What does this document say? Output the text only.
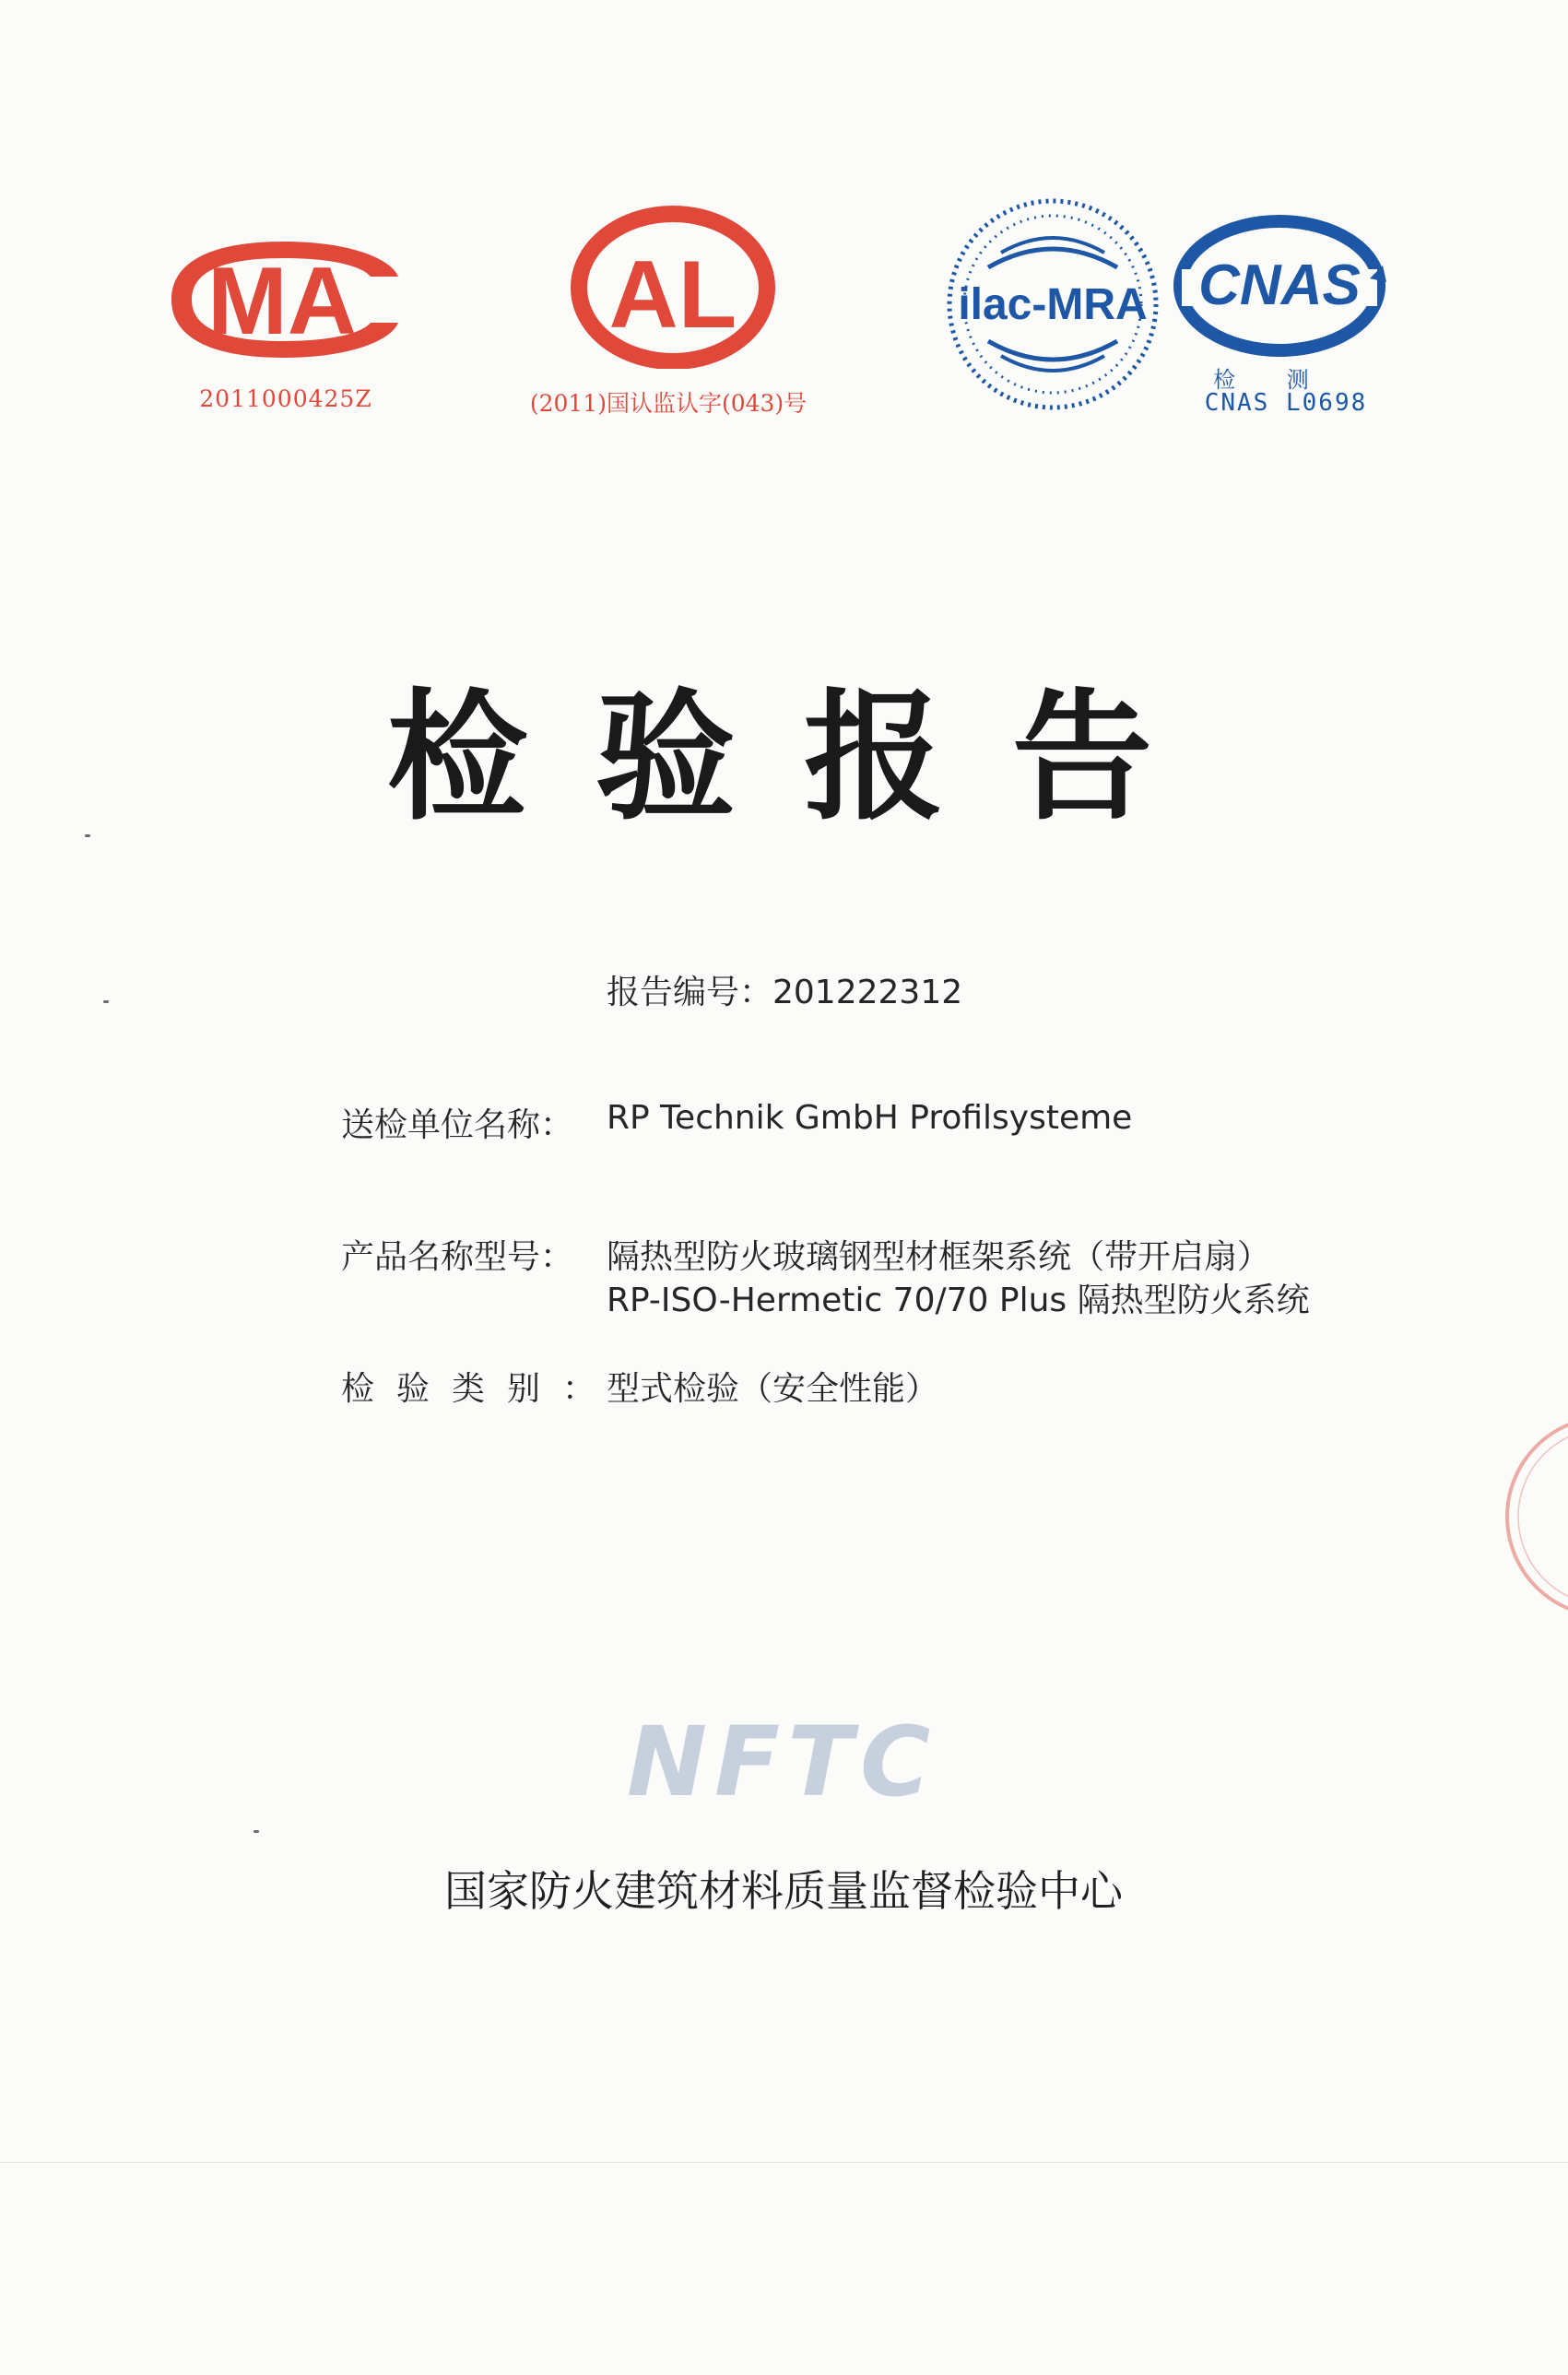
MA
2011000425Z
AL
(2011)国认监认字(043)号
ilac-MRA CNAS
检 测
CNAS L0698
检验报告
报告编号：201222312
送检单位名称： RP Technik GmbH Profilsysteme
产品名称型号： 隔热型防火玻璃钢型材框架系统（带开启扇）
RP-ISO-Hermetic 70/70 Plus 隔热型防火系统
检验类别：
型式检验（安全性能）
NFTC
国家防火建筑材料质量监督检验中心
